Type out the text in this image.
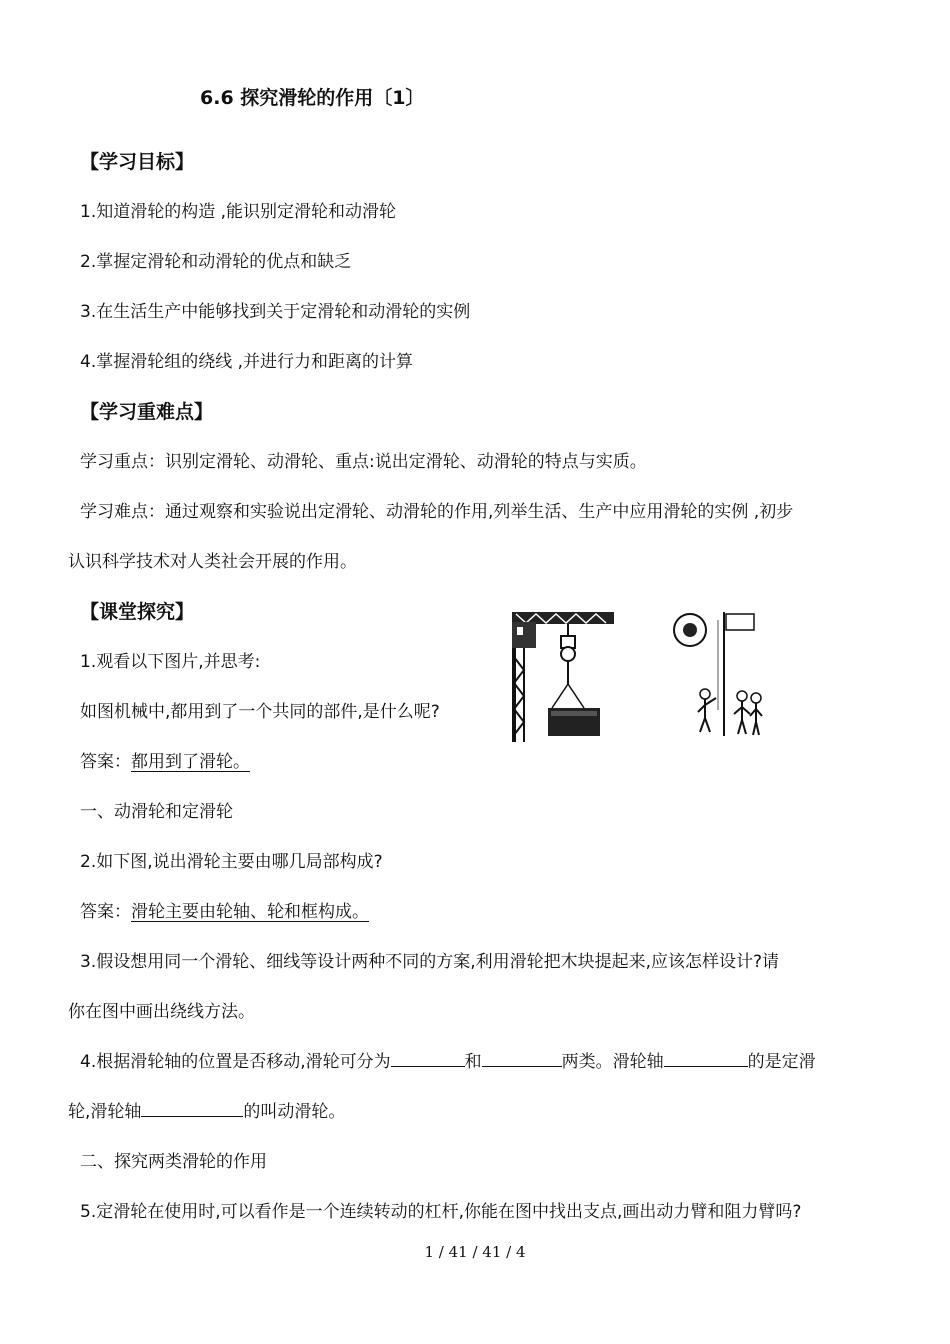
6.6 探究滑轮的作用〔1〕
【学习目标】
1.知道滑轮的构造 ,能识别定滑轮和动滑轮
2.掌握定滑轮和动滑轮的优点和缺乏
3.在生活生产中能够找到关于定滑轮和动滑轮的实例
4.掌握滑轮组的绕线 ,并进行力和距离的计算
【学习重难点】
学习重点：识别定滑轮、动滑轮、重点:说出定滑轮、动滑轮的特点与实质。
学习难点：通过观察和实验说出定滑轮、动滑轮的作用,列举生活、生产中应用滑轮的实例 ,初步
认识科学技术对人类社会开展的作用。
【课堂探究】
1.观看以下图片,并思考:
如图机械中,都用到了一个共同的部件,是什么呢?
答案：都用到了滑轮。
一、动滑轮和定滑轮
2.如下图,说出滑轮主要由哪几局部构成?
答案：滑轮主要由轮轴、轮和框构成。
3.假设想用同一个滑轮、细线等设计两种不同的方案,利用滑轮把木块提起来,应该怎样设计?请
你在图中画出绕线方法。
4.根据滑轮轴的位置是否移动,滑轮可分为	和	两类。滑轮轴	的是定滑
轮,滑轮轴	的叫动滑轮。
二、探究两类滑轮的作用
5.定滑轮在使用时,可以看作是一个连续转动的杠杆,你能在图中找出支点,画出动力臂和阻力臂吗?
1 / 41 / 41 / 4
